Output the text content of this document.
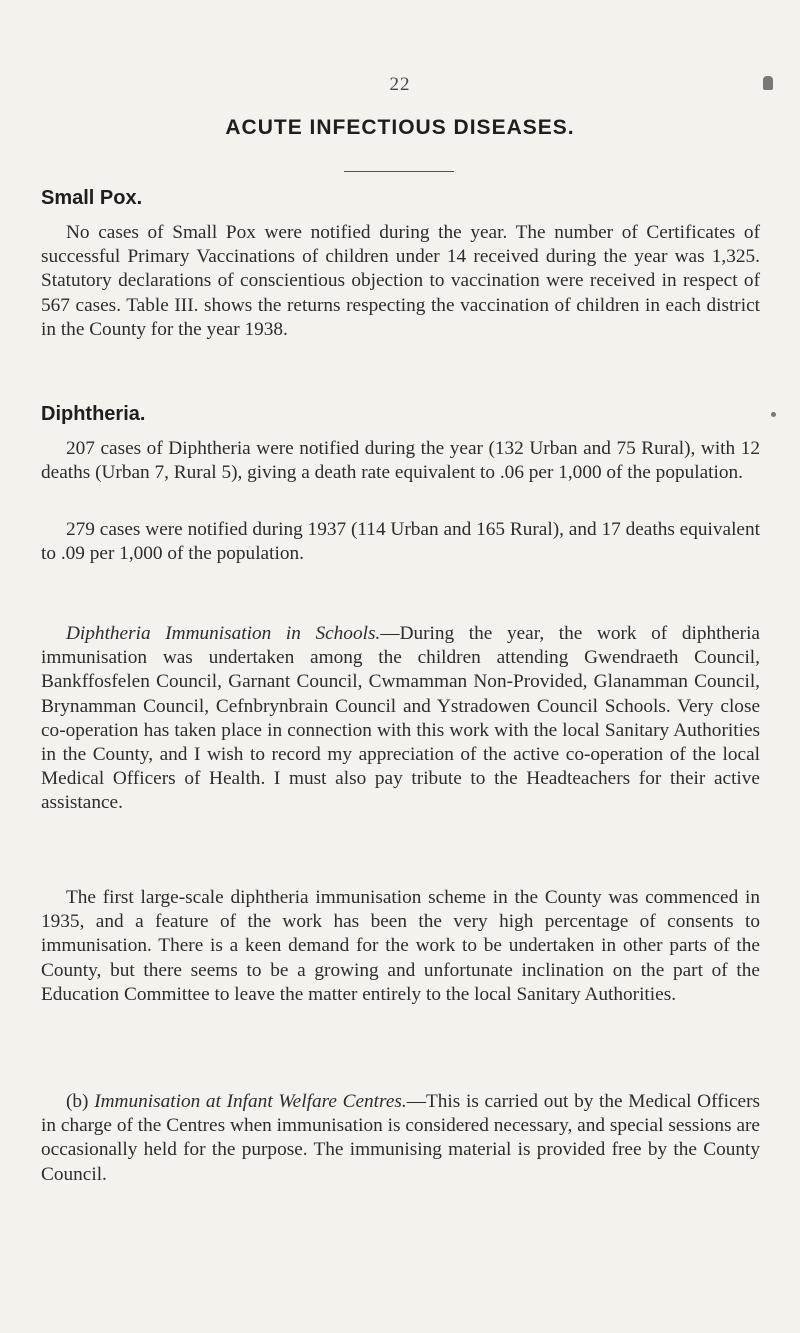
22
ACUTE INFECTIOUS DISEASES.
Small Pox.

No cases of Small Pox were notified during the year. The number of Certificates of successful Primary Vaccinations of children under 14 received during the year was 1,325. Statutory declarations of conscientious objection to vaccination were received in respect of 567 cases. Table III. shows the returns respecting the vaccination of children in each district in the County for the year 1938.

Diphtheria.

207 cases of Diphtheria were notified during the year (132 Urban and 75 Rural), with 12 deaths (Urban 7, Rural 5), giving a death rate equivalent to .06 per 1,000 of the population.

279 cases were notified during 1937 (114 Urban and 165 Rural), and 17 deaths equivalent to .09 per 1,000 of the population.

Diphtheria Immunisation in Schools.—During the year, the work of diphtheria immunisation was undertaken among the children attending Gwendraeth Council, Bankffosfelen Council, Garnant Council, Cwmamman Non-Provided, Glanamman Council, Brynamman Council, Cefnbrynbrain Council and Ystradowen Council Schools. Very close co-operation has taken place in connection with this work with the local Sanitary Authorities in the County, and I wish to record my appreciation of the active co-operation of the local Medical Officers of Health. I must also pay tribute to the Headteachers for their active assistance.

The first large-scale diphtheria immunisation scheme in the County was commenced in 1935, and a feature of the work has been the very high percentage of consents to immunisation. There is a keen demand for the work to be undertaken in other parts of the County, but there seems to be a growing and unfortunate inclination on the part of the Education Committee to leave the matter entirely to the local Sanitary Authorities.

(b) Immunisation at Infant Welfare Centres.—This is carried out by the Medical Officers in charge of the Centres when immunisation is considered necessary, and special sessions are occasionally held for the purpose. The immunising material is provided free by the County Council.
